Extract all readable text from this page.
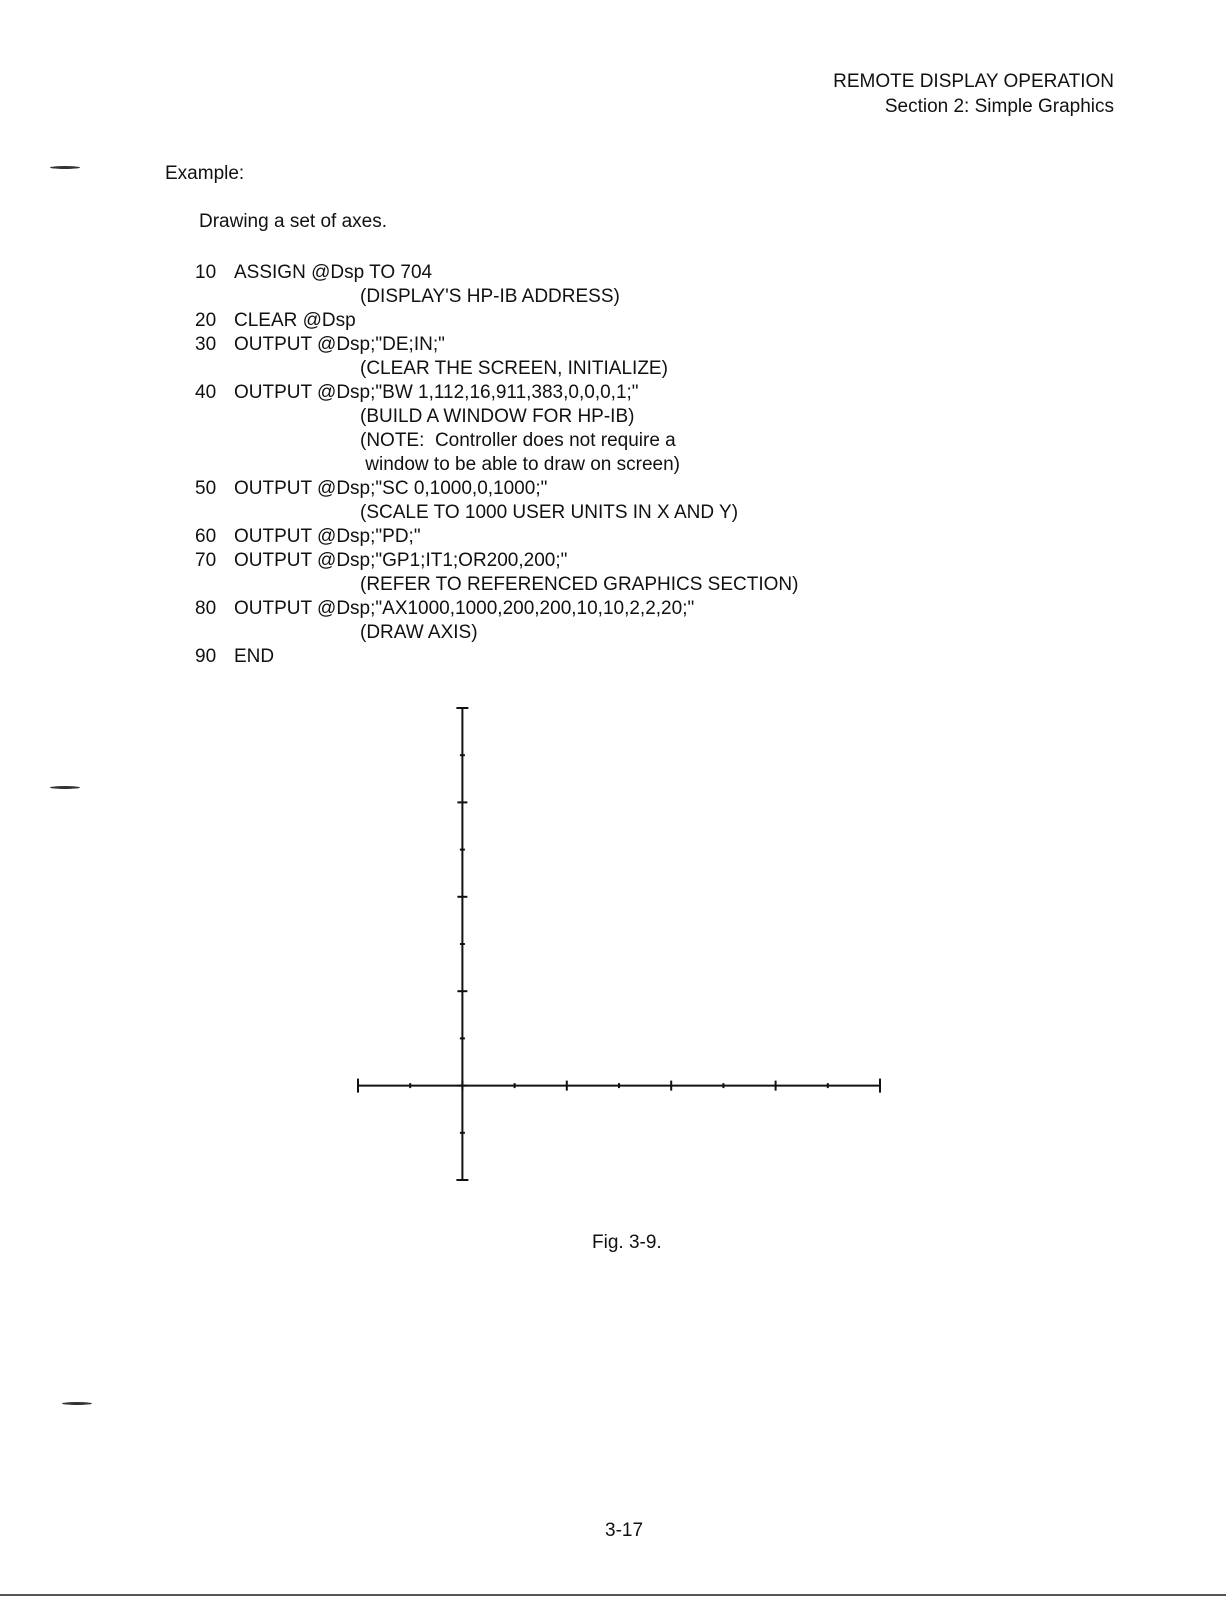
REMOTE DISPLAY OPERATION
Section 2: Simple Graphics
Example:
Drawing a set of axes.
10 ASSIGN @Dsp TO 704
(DISPLAY'S HP-IB ADDRESS)
20 CLEAR @Dsp
30 OUTPUT @Dsp;"DE;IN;"
(CLEAR THE SCREEN, INITIALIZE)
40 OUTPUT @Dsp;"BW 1,112,16,911,383,0,0,0,1;"
(BUILD A WINDOW FOR HP-IB)
(NOTE:  Controller does not require a
window to be able to draw on screen)
50 OUTPUT @Dsp;"SC 0,1000,0,1000;"
(SCALE TO 1000 USER UNITS IN X AND Y)
60 OUTPUT @Dsp;"PD;"
70 OUTPUT @Dsp;"GP1;IT1;OR200,200;"
(REFER TO REFERENCED GRAPHICS SECTION)
80 OUTPUT @Dsp;"AX1000,1000,200,200,10,10,2,2,20;"
(DRAW AXIS)
90 END
Fig. 3-9.
3-17
